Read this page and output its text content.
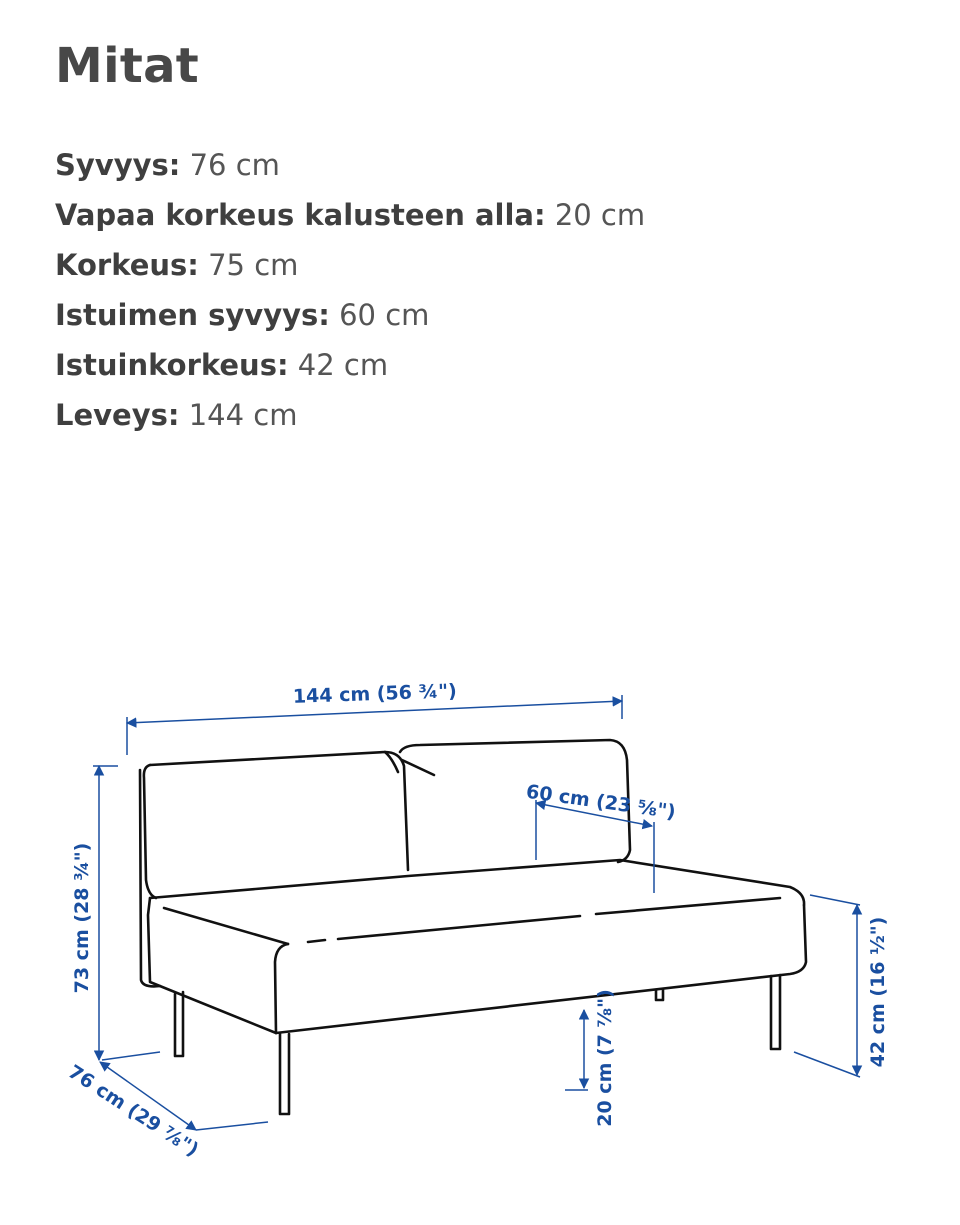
Mitat
Syvyys: 76 cm
Vapaa korkeus kalusteen alla: 20 cm
Korkeus: 75 cm
Istuimen syvyys: 60 cm
Istuinkorkeus: 42 cm
Leveys: 144 cm
144 cm (56 ¾")
60 cm (23 ⅝")
73 cm (28 ¾")
76 cm (29 ⅞")	20 cm (7 ⅞")	42 cm (16 ½")
